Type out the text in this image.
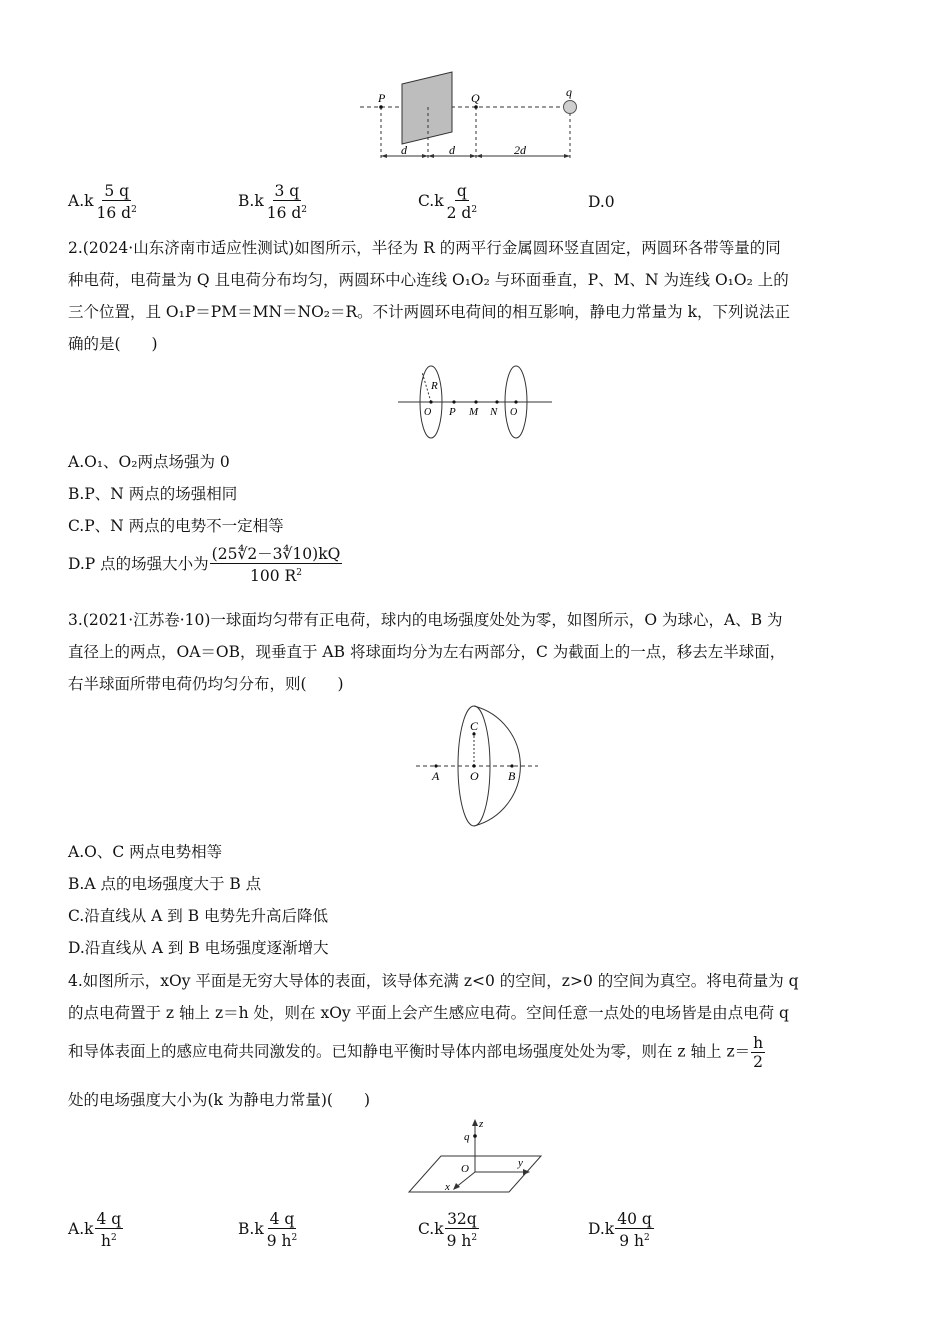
P	Q	q
d	d	2d
$A.k \frac{5 q}{16 d^2}$	$B.k \frac{3 q}{16 d^2}$	$C.k \frac{q}{2 d^2}$	D.0
2.(2024·山东济南市适应性测试)如图所示，半径为 R 的两平行金属圆环竖直固定，两圆环各带等量的同
种电荷，电荷量为 Q 且电荷分布均匀，两圆环中心连线 O₁O₂ 与环面垂直，P、M、N 为连线 O₁O₂ 上的
三个位置，且 O₁P＝PM＝MN＝NO₂＝R。不计两圆环电荷间的相互影响，静电力常量为 k，下列说法正
确的是(　　)
R
O P M N O
A.O₁、O₂两点场强为 0
B.P、N 两点的场强相同
C.P、N 两点的电势不一定相等
D.P 点的场强大小为 $\frac{(25∜2-3∜10)kQ}{100 R^2}$
3.(2021·江苏卷·10)一球面均匀带有正电荷，球内的电场强度处处为零，如图所示，O 为球心，A、B 为
直径上的两点，OA＝OB，现垂直于 AB 将球面均分为左右两部分，C 为截面上的一点，移去左半球面，
右半球面所带电荷仍均匀分布，则(　　)
C
A	O B
A.O、C 两点电势相等
B.A 点的电场强度大于 B 点
C.沿直线从 A 到 B 电势先升高后降低
D.沿直线从 A 到 B 电场强度逐渐增大
4.如图所示，xOy 平面是无穷大导体的表面，该导体充满 z<0 的空间，z>0 的空间为真空。将电荷量为 q
的点电荷置于 z 轴上 z＝h 处，则在 xOy 平面上会产生感应电荷。空间任意一点处的电场皆是由点电荷 q
和导体表面上的感应电荷共同激发的。已知静电平衡时导体内部电场强度处处为零，则在 z 轴上 $z= \frac{h}{2}$
处的电场强度大小为(k 为静电力常量)(　　)
q
z
O	y
x
$A.k \frac{4 q}{h^2}$	$B.k \frac{4 q}{9 h^2}$	$C.k \frac{32q}{9 h^2}$	$D.k \frac{40 q}{9 h^2}$
